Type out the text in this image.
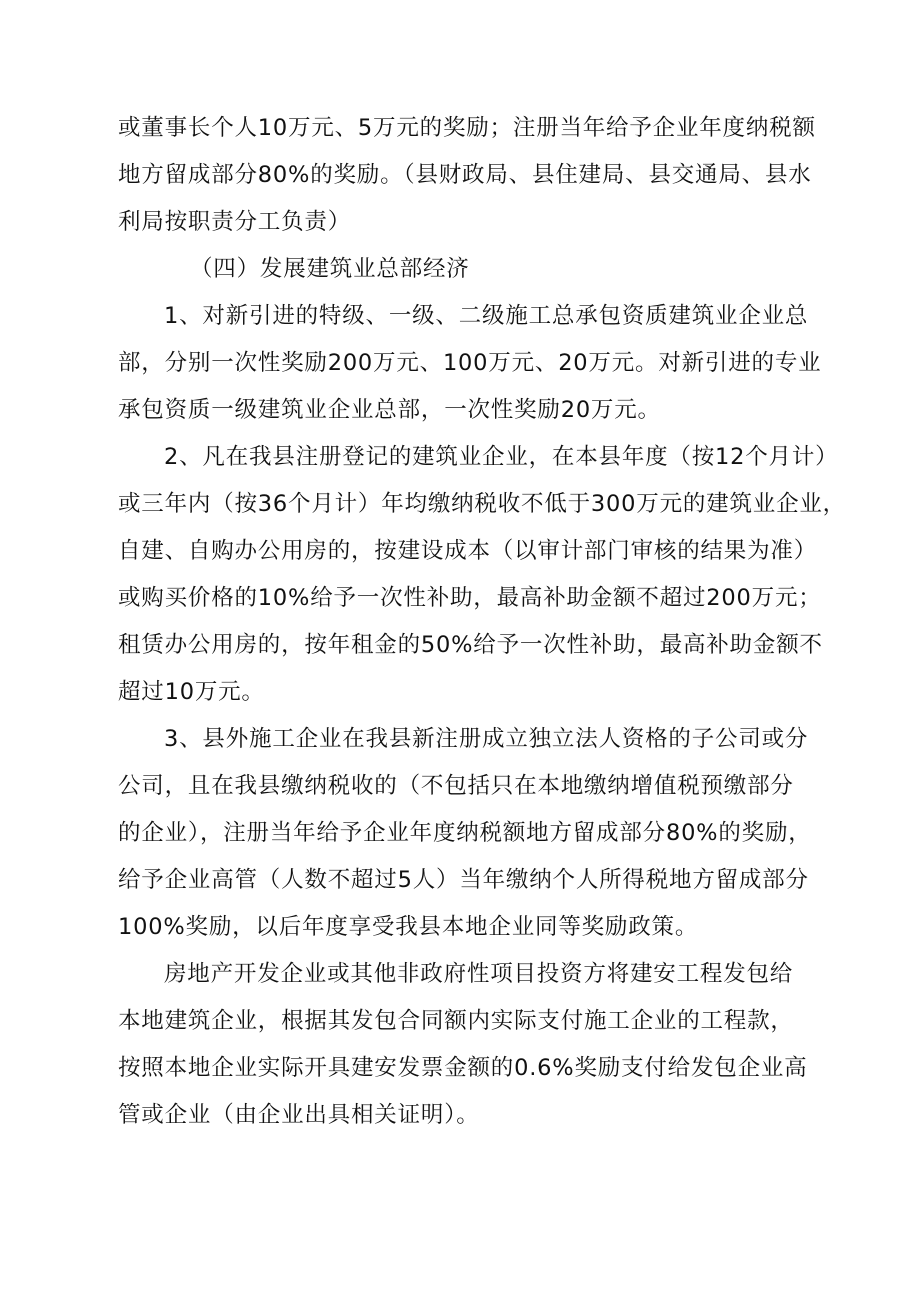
或董事长个人10万元、5万元的奖励；注册当年给予企业年度纳税额
地方留成部分80%的奖励。（县财政局、县住建局、县交通局、县水
利局按职责分工负责）
（四）发展建筑业总部经济
1、对新引进的特级、一级、二级施工总承包资质建筑业企业总
部，分别一次性奖励200万元、100万元、20万元。对新引进的专业
承包资质一级建筑业企业总部，一次性奖励20万元。
2、凡在我县注册登记的建筑业企业，在本县年度（按12个月计）
或三年内（按36个月计）年均缴纳税收不低于300万元的建筑业企业，
自建、自购办公用房的，按建设成本（以审计部门审核的结果为准）
或购买价格的10%给予一次性补助，最高补助金额不超过200万元；
租赁办公用房的，按年租金的50%给予一次性补助，最高补助金额不
超过10万元。
3、县外施工企业在我县新注册成立独立法人资格的子公司或分
公司，且在我县缴纳税收的（不包括只在本地缴纳增值税预缴部分
的企业），注册当年给予企业年度纳税额地方留成部分80%的奖励，
给予企业高管（人数不超过5人）当年缴纳个人所得税地方留成部分
100%奖励，以后年度享受我县本地企业同等奖励政策。
房地产开发企业或其他非政府性项目投资方将建安工程发包给
本地建筑企业，根据其发包合同额内实际支付施工企业的工程款，
按照本地企业实际开具建安发票金额的0.6%奖励支付给发包企业高
管或企业（由企业出具相关证明）。
